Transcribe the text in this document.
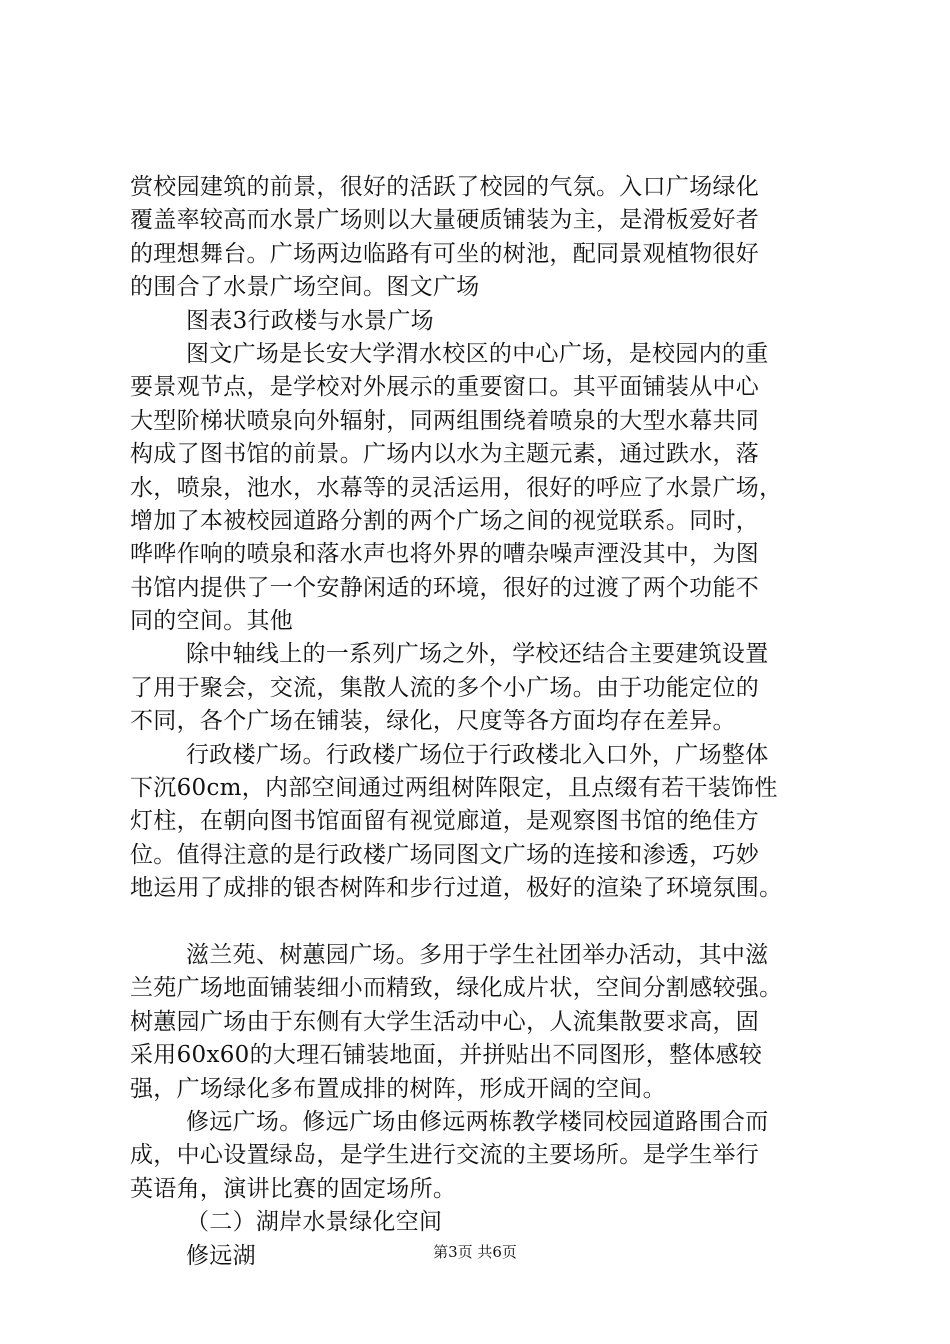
赏校园建筑的前景，很好的活跃了校园的气氛。入口广场绿化
覆盖率较高而水景广场则以大量硬质铺装为主，是滑板爱好者
的理想舞台。广场两边临路有可坐的树池，配同景观植物很好
的围合了水景广场空间。图文广场
图表3行政楼与水景广场
图文广场是长安大学渭水校区的中心广场，是校园内的重
要景观节点，是学校对外展示的重要窗口。其平面铺装从中心
大型阶梯状喷泉向外辐射，同两组围绕着喷泉的大型水幕共同
构成了图书馆的前景。广场内以水为主题元素，通过跌水，落
水，喷泉，池水，水幕等的灵活运用，很好的呼应了水景广场，
增加了本被校园道路分割的两个广场之间的视觉联系。同时，
哗哗作响的喷泉和落水声也将外界的嘈杂噪声湮没其中，为图
书馆内提供了一个安静闲适的环境，很好的过渡了两个功能不
同的空间。其他
除中轴线上的一系列广场之外，学校还结合主要建筑设置
了用于聚会，交流，集散人流的多个小广场。由于功能定位的
不同，各个广场在铺装，绿化，尺度等各方面均存在差异。
行政楼广场。行政楼广场位于行政楼北入口外，广场整体
下沉60cm，内部空间通过两组树阵限定，且点缀有若干装饰性
灯柱，在朝向图书馆面留有视觉廊道，是观察图书馆的绝佳方
位。值得注意的是行政楼广场同图文广场的连接和渗透，巧妙
地运用了成排的银杏树阵和步行过道，极好的渲染了环境氛围。
滋兰苑、树蕙园广场。多用于学生社团举办活动，其中滋
兰苑广场地面铺装细小而精致，绿化成片状，空间分割感较强。
树蕙园广场由于东侧有大学生活动中心，人流集散要求高，固
采用60x60的大理石铺装地面，并拼贴出不同图形，整体感较
强，广场绿化多布置成排的树阵，形成开阔的空间。
修远广场。修远广场由修远两栋教学楼同校园道路围合而
成，中心设置绿岛，是学生进行交流的主要场所。是学生举行
英语角，演讲比赛的固定场所。
（二）湖岸水景绿化空间
修远湖	第3页 共6页
